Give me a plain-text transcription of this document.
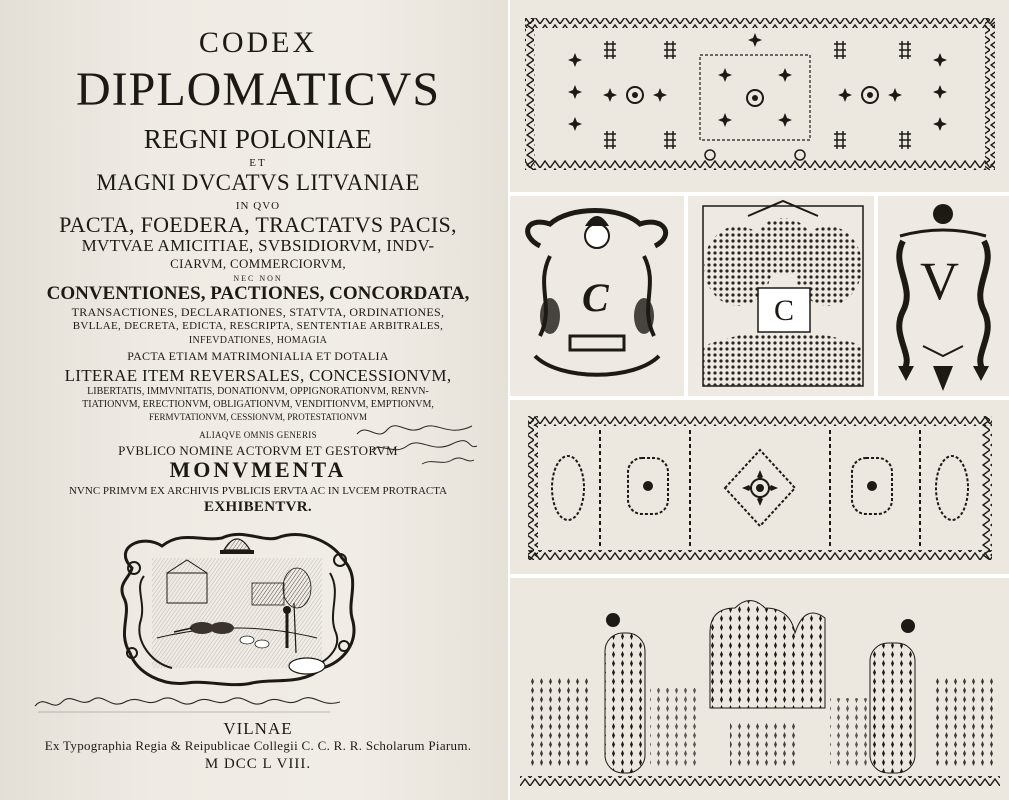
CODEX
DIPLOMATICVS
REGNI POLONIAE
ET
MAGNI DVCATVS LITVANIAE
IN QVO
PACTA, FOEDERA, TRACTATVS PACIS,
MVTVAE AMICITIAE, SVBSIDIORVM, INDV-
CIARVM, COMMERCIORVM,
NEC NON
CONVENTIONES, PACTIONES, CONCORDATA,
TRANSACTIONES, DECLARATIONES, STATVTA, ORDINATIONES,
BVLLAE, DECRETA, EDICTA, RESCRIPTA, SENTENTIAE ARBITRALES,
INFEVDATIONES, HOMAGIA
PACTA ETIAM MATRIMONIALIA ET DOTALIA
LITERAE ITEM REVERSALES, CONCESSIONVM,
LIBERTATIS, IMMVNITATIS, DONATIONVM, OPPIGNORATIONVM, RENVN-
TIATIONVM, ERECTIONVM, OBLIGATIONVM, VENDITIONVM, EMPTIONVM,
FERMVTATIONVM, CESSIONVM, PROTESTATIONVM
ALIAQVE OMNIS GENERIS
PVBLICO NOMINE ACTORVM ET GESTORVM
MONVMENTA
NVNC PRIMVM EX ARCHIVIS PVBLICIS ERVTA AC IN LVCEM PROTRACTA
EXHIBENTVR.
VILNAE
Ex Typographia Regia & Reipublicae Collegii C. C. R. R. Scholarum Piarum.
M DCC L VIII.
C	C V
